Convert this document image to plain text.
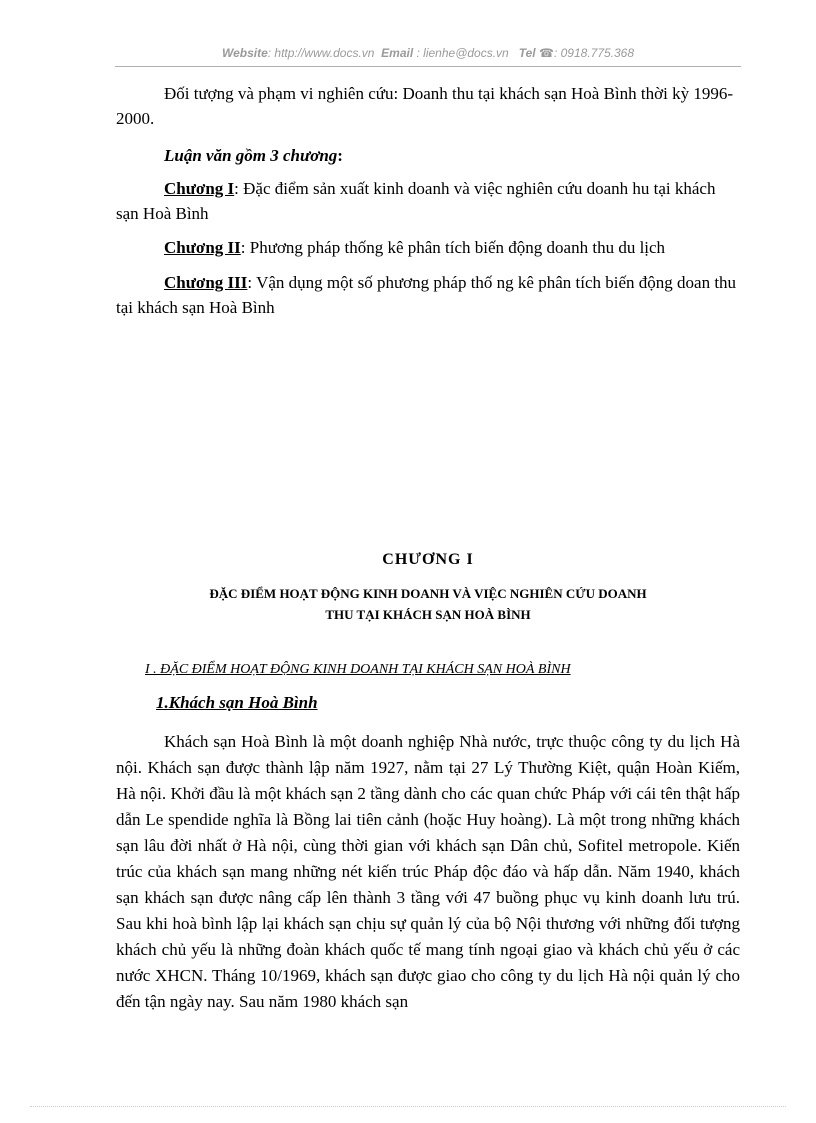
Website: http://www.docs.vn Email : lienhe@docs.vn Tel ☎: 0918.775.368
Đối tượng và phạm vi nghiên cứu: Doanh thu tại khách sạn Hoà Bình thời kỳ 1996-2000.
Luận văn gồm 3 chương:
Chương I: Đặc điểm sản xuất kinh doanh và việc nghiên cứu doanh hu tại khách sạn Hoà Bình
Chương II: Phương pháp thống kê phân tích biến động doanh thu du lịch
Chương III: Vận dụng một số phương pháp thố ng kê phân tích biến động doan thu tại khách sạn Hoà Bình
CHƯƠNG I
ĐẶC ĐIỂM HOẠT ĐỘNG KINH DOANH VÀ VIỆC NGHIÊN CỨU DOANH
THU TẠI KHÁCH SẠN HOÀ BÌNH
I . ĐẶC ĐIỂM HOẠT ĐỘNG KINH DOANH TẠI KHÁCH SẠN HOÀ BÌNH
1.Khách sạn Hoà Bình
Khách sạn Hoà Bình là một doanh nghiệp Nhà nước, trực thuộc công ty du lịch Hà nội. Khách sạn được thành lập năm 1927, nằm tại 27 Lý Thường Kiệt, quận Hoàn Kiếm, Hà nội. Khởi đầu là một khách sạn 2 tầng dành cho các quan chức Pháp với cái tên thật hấp dẫn Le spendide nghĩa là Bồng lai tiên cảnh (hoặc Huy hoàng). Là một trong những khách sạn lâu đời nhất ở Hà nội, cùng thời gian với khách sạn Dân chủ, Sofitel metropole. Kiến trúc của khách sạn mang những nét kiến trúc Pháp độc đáo và hấp dẫn. Năm 1940, khách sạn khách sạn được nâng cấp lên thành 3 tầng với 47 buồng phục vụ kinh doanh lưu trú. Sau khi hoà bình lập lại khách sạn chịu sự quản lý của bộ Nội thương với những đối tượng khách chủ yếu là những đoàn khách quốc tế mang tính ngoại giao và khách chủ yếu ở các nước XHCN. Tháng 10/1969, khách sạn được giao cho công ty du lịch Hà nội quản lý cho đến tận ngày nay. Sau năm 1980 khách sạn
